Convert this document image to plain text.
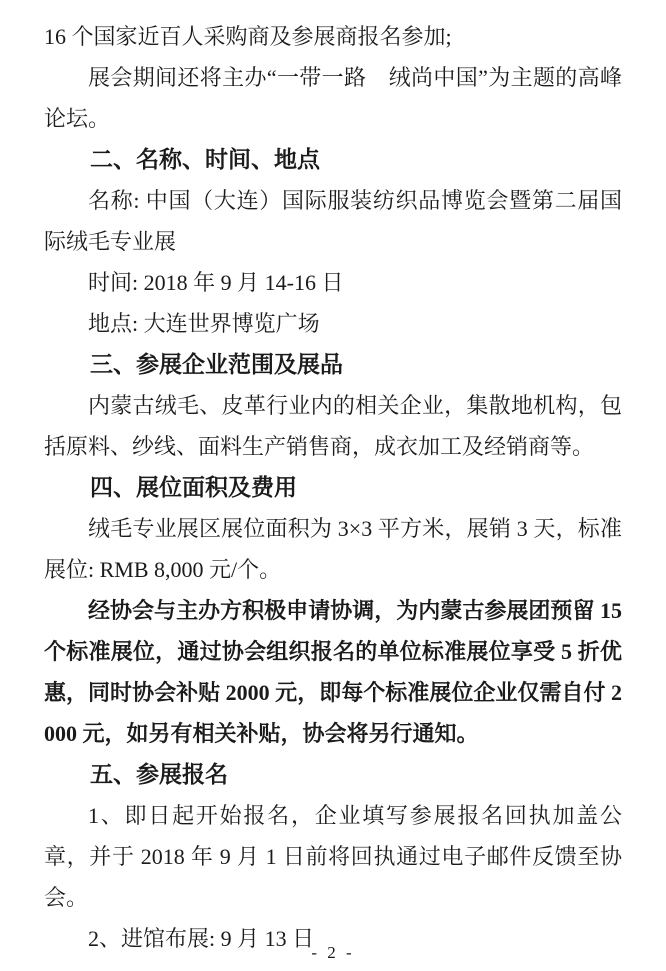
16 个国家近百人采购商及参展商报名参加;

展会期间还将主办“一带一路　绒尚中国”为主题的高峰论坛。

二、名称、时间、地点

名称: 中国（大连）国际服装纺织品博览会暨第二届国际绒毛专业展

时间: 2018 年 9 月 14-16 日

地点: 大连世界博览广场

三、参展企业范围及展品

内蒙古绒毛、皮革行业内的相关企业，集散地机构，包括原料、纱线、面料生产销售商，成衣加工及经销商等。

四、展位面积及费用

绒毛专业展区展位面积为 3×3 平方米，展销 3 天，标准展位: RMB 8,000 元/个。

经协会与主办方积极申请协调，为内蒙古参展团预留 15 个标准展位，通过协会组织报名的单位标准展位享受 5 折优惠，同时协会补贴 2000 元，即每个标准展位企业仅需自付 2000 元，如另有相关补贴，协会将另行通知。

五、参展报名

1、即日起开始报名，企业填写参展报名回执加盖公章，并于 2018 年 9 月 1 日前将回执通过电子邮件反馈至协会。

2、进馆布展: 9 月 13 日

- 2 -
